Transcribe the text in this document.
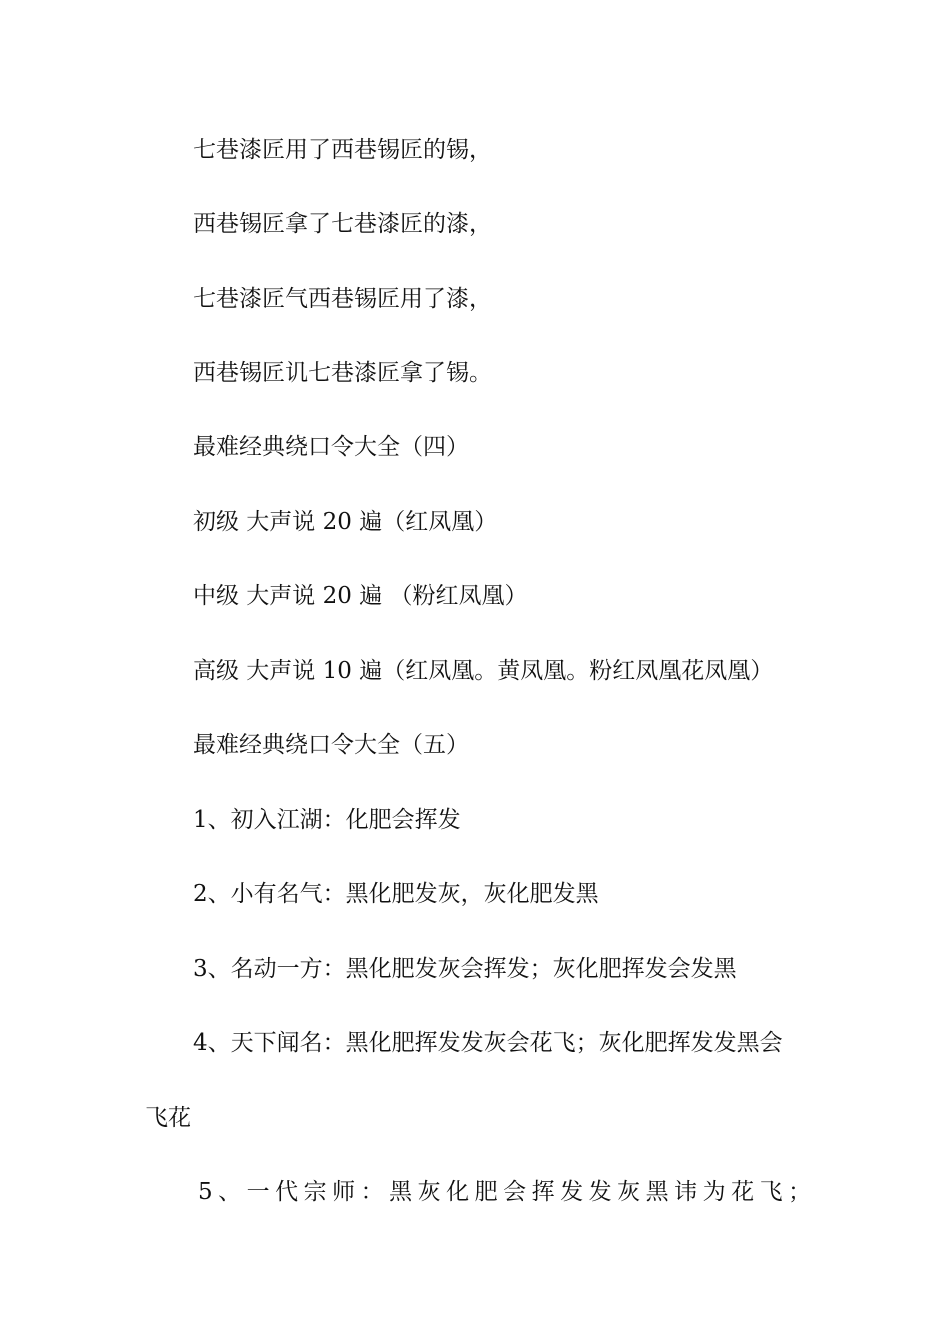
七巷漆匠用了西巷锡匠的锡，
西巷锡匠拿了七巷漆匠的漆，
七巷漆匠气西巷锡匠用了漆，
西巷锡匠讥七巷漆匠拿了锡。
最难经典绕口令大全（四）
初级 大声说 20 遍（红凤凰）
中级 大声说 20 遍 （粉红凤凰）
高级 大声说 10 遍（红凤凰。黄凤凰。粉红凤凰花凤凰）
最难经典绕口令大全（五）
1、初入江湖：化肥会挥发
2、小有名气：黑化肥发灰，灰化肥发黑
3、名动一方：黑化肥发灰会挥发；灰化肥挥发会发黑
4、天下闻名：黑化肥挥发发灰会花飞；灰化肥挥发发黑会
飞花
5、一代宗师：黑灰化肥会挥发发灰黑讳为花飞；
